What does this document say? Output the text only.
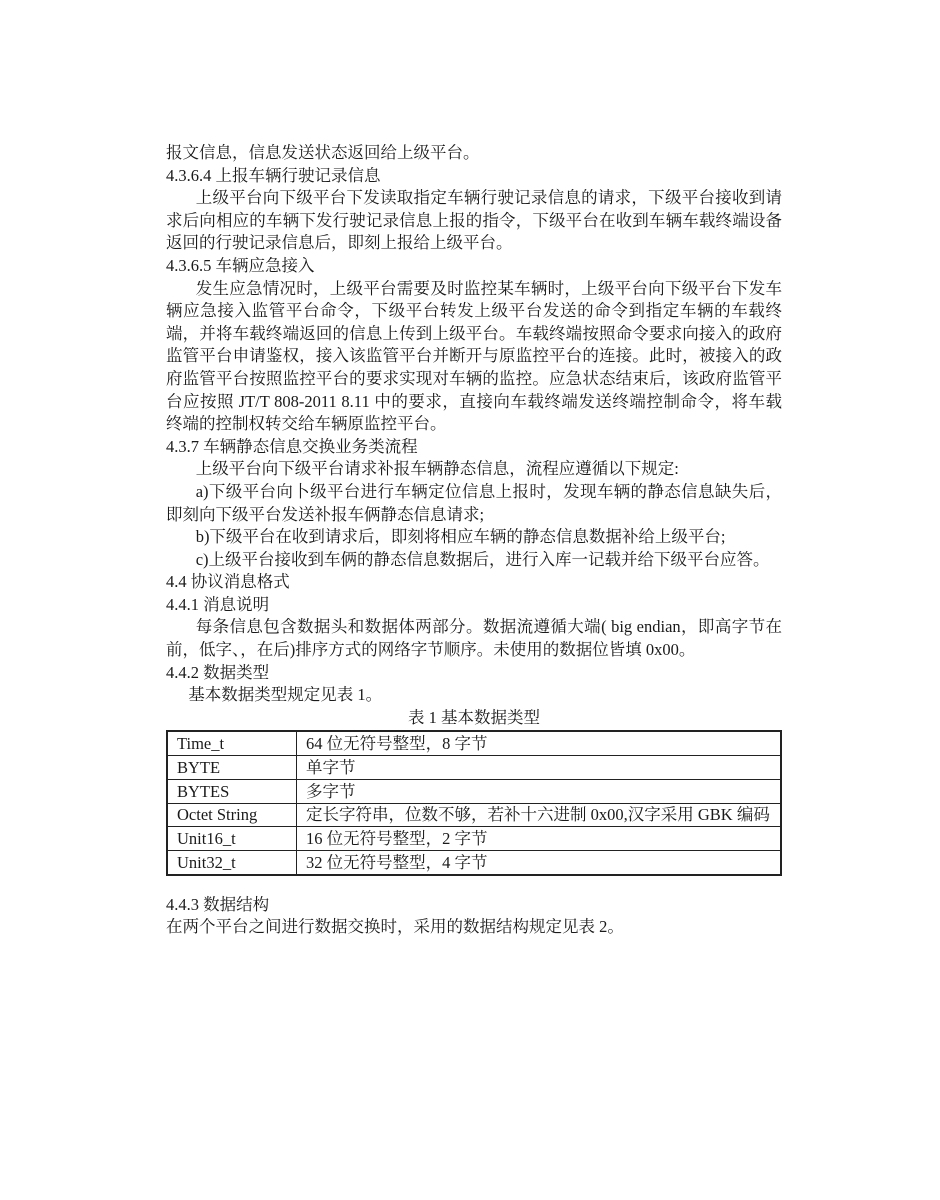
报文信息，信息发送状态返回给上级平台。

4.3.6.4 上报车辆行驶记录信息

上级平台向下级平台下发读取指定车辆行驶记录信息的请求，下级平台接收到请求后向相应的车辆下发行驶记录信息上报的指令，下级平台在收到车辆车载终端设备返回的行驶记录信息后，即刻上报给上级平台。

4.3.6.5 车辆应急接入

发生应急情况时，上级平台需要及时监控某车辆时，上级平台向下级平台下发车辆应急接入监管平台命令，下级平台转发上级平台发送的命令到指定车辆的车载终端，并将车载终端返回的信息上传到上级平台。车载终端按照命令要求向接入的政府监管平台申请鉴权，接入该监管平台并断开与原监控平台的连接。此时，被接入的政府监管平台按照监控平台的要求实现对车辆的监控。应急状态结束后，该政府监管平台应按照 JT/T 808-2011 8.11 中的要求，直接向车载终端发送终端控制命令，将车载终端的控制权转交给车辆原监控平台。

4.3.7 车辆静态信息交换业务类流程

上级平台向下级平台请求补报车辆静态信息，流程应遵循以下规定:

a)下级平台向卜级平台进行车辆定位信息上报时，发现车辆的静态信息缺失后，即刻向下级平台发送补报车俩静态信息请求;

b)下级平台在收到请求后，即刻将相应车辆的静态信息数据补给上级平台;

c)上级平台接收到车俩的静态信息数据后，进行入库一记载并给下级平台应答。

4.4 协议消息格式

4.4.1 消息说明

每条信息包含数据头和数据体两部分。数据流遵循大端( big endian，即高字节在前，低字、，在后)排序方式的网络字节顺序。未使用的数据位皆填 0x00。

4.4.2 数据类型

基本数据类型规定见表 1。

表 1 基本数据类型
Time_t	64 位无符号整型，8 字节
BYTE	单字节
BYTES	多字节
Octet String	定长字符串，位数不够，若补十六进制 0x00,汉字采用 GBK 编码
Unit16_t	16 位无符号整型，2 字节
Unit32_t	32 位无符号整型，4 字节

4.4.3 数据结构

在两个平台之间进行数据交换时，采用的数据结构规定见表 2。
